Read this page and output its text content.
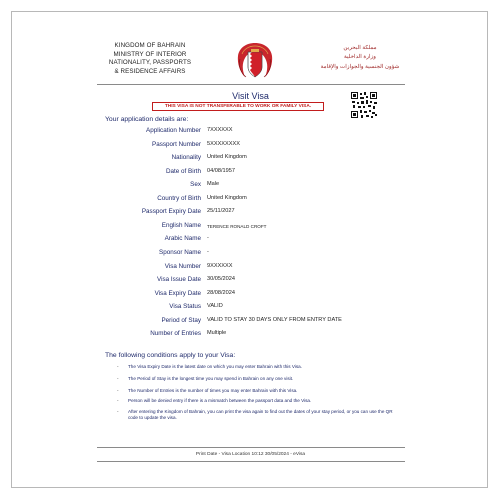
KINGDOM OF BAHRAIN
MINISTRY OF INTERIOR
NATIONALITY, PASSPORTS
& RESIDENCE AFFAIRS
مملكة البحرين
وزارة الداخلية
شؤون الجنسية والجوازات والإقامة
Visit Visa
THIS VISA IS NOT TRANSFERABLE TO WORK OR FAMILY VISA.
Your application details are:
Application Number 7XXXXXX
Passport Number 5XXXXXXXX
Nationality United Kingdom
Date of Birth 04/08/1957
Sex Male
Country of Birth United Kingdom
Passport Expiry Date 25/11/2027
English Name TERENCE RONALD CROFT
Arabic Name -
Sponsor Name -
Visa Number 9XXXXXX
Visa Issue Date 30/05/2024
Visa Expiry Date 28/08/2024
Visa Status VALID
Period of Stay VALID TO STAY 30 DAYS ONLY FROM ENTRY DATE
Number of Entries Multiple
The following conditions apply to your Visa:
- The Visa Expiry Date is the latest date on which you may enter Bahrain with this Visa.
- The Period of Stay is the longest time you may spend in Bahrain on any one visit.
- The Number of Entries is the number of times you may enter Bahrain with this Visa.
- Person will be denied entry if there is a mismatch between the passport data and the Visa.
- After entering the Kingdom of Bahrain, you can print the visa again to find out the dates of your stay period, or you can use the QR code to update the visa.
Print Date - Visa Location 10:12 30/05/2024 - eVisa
